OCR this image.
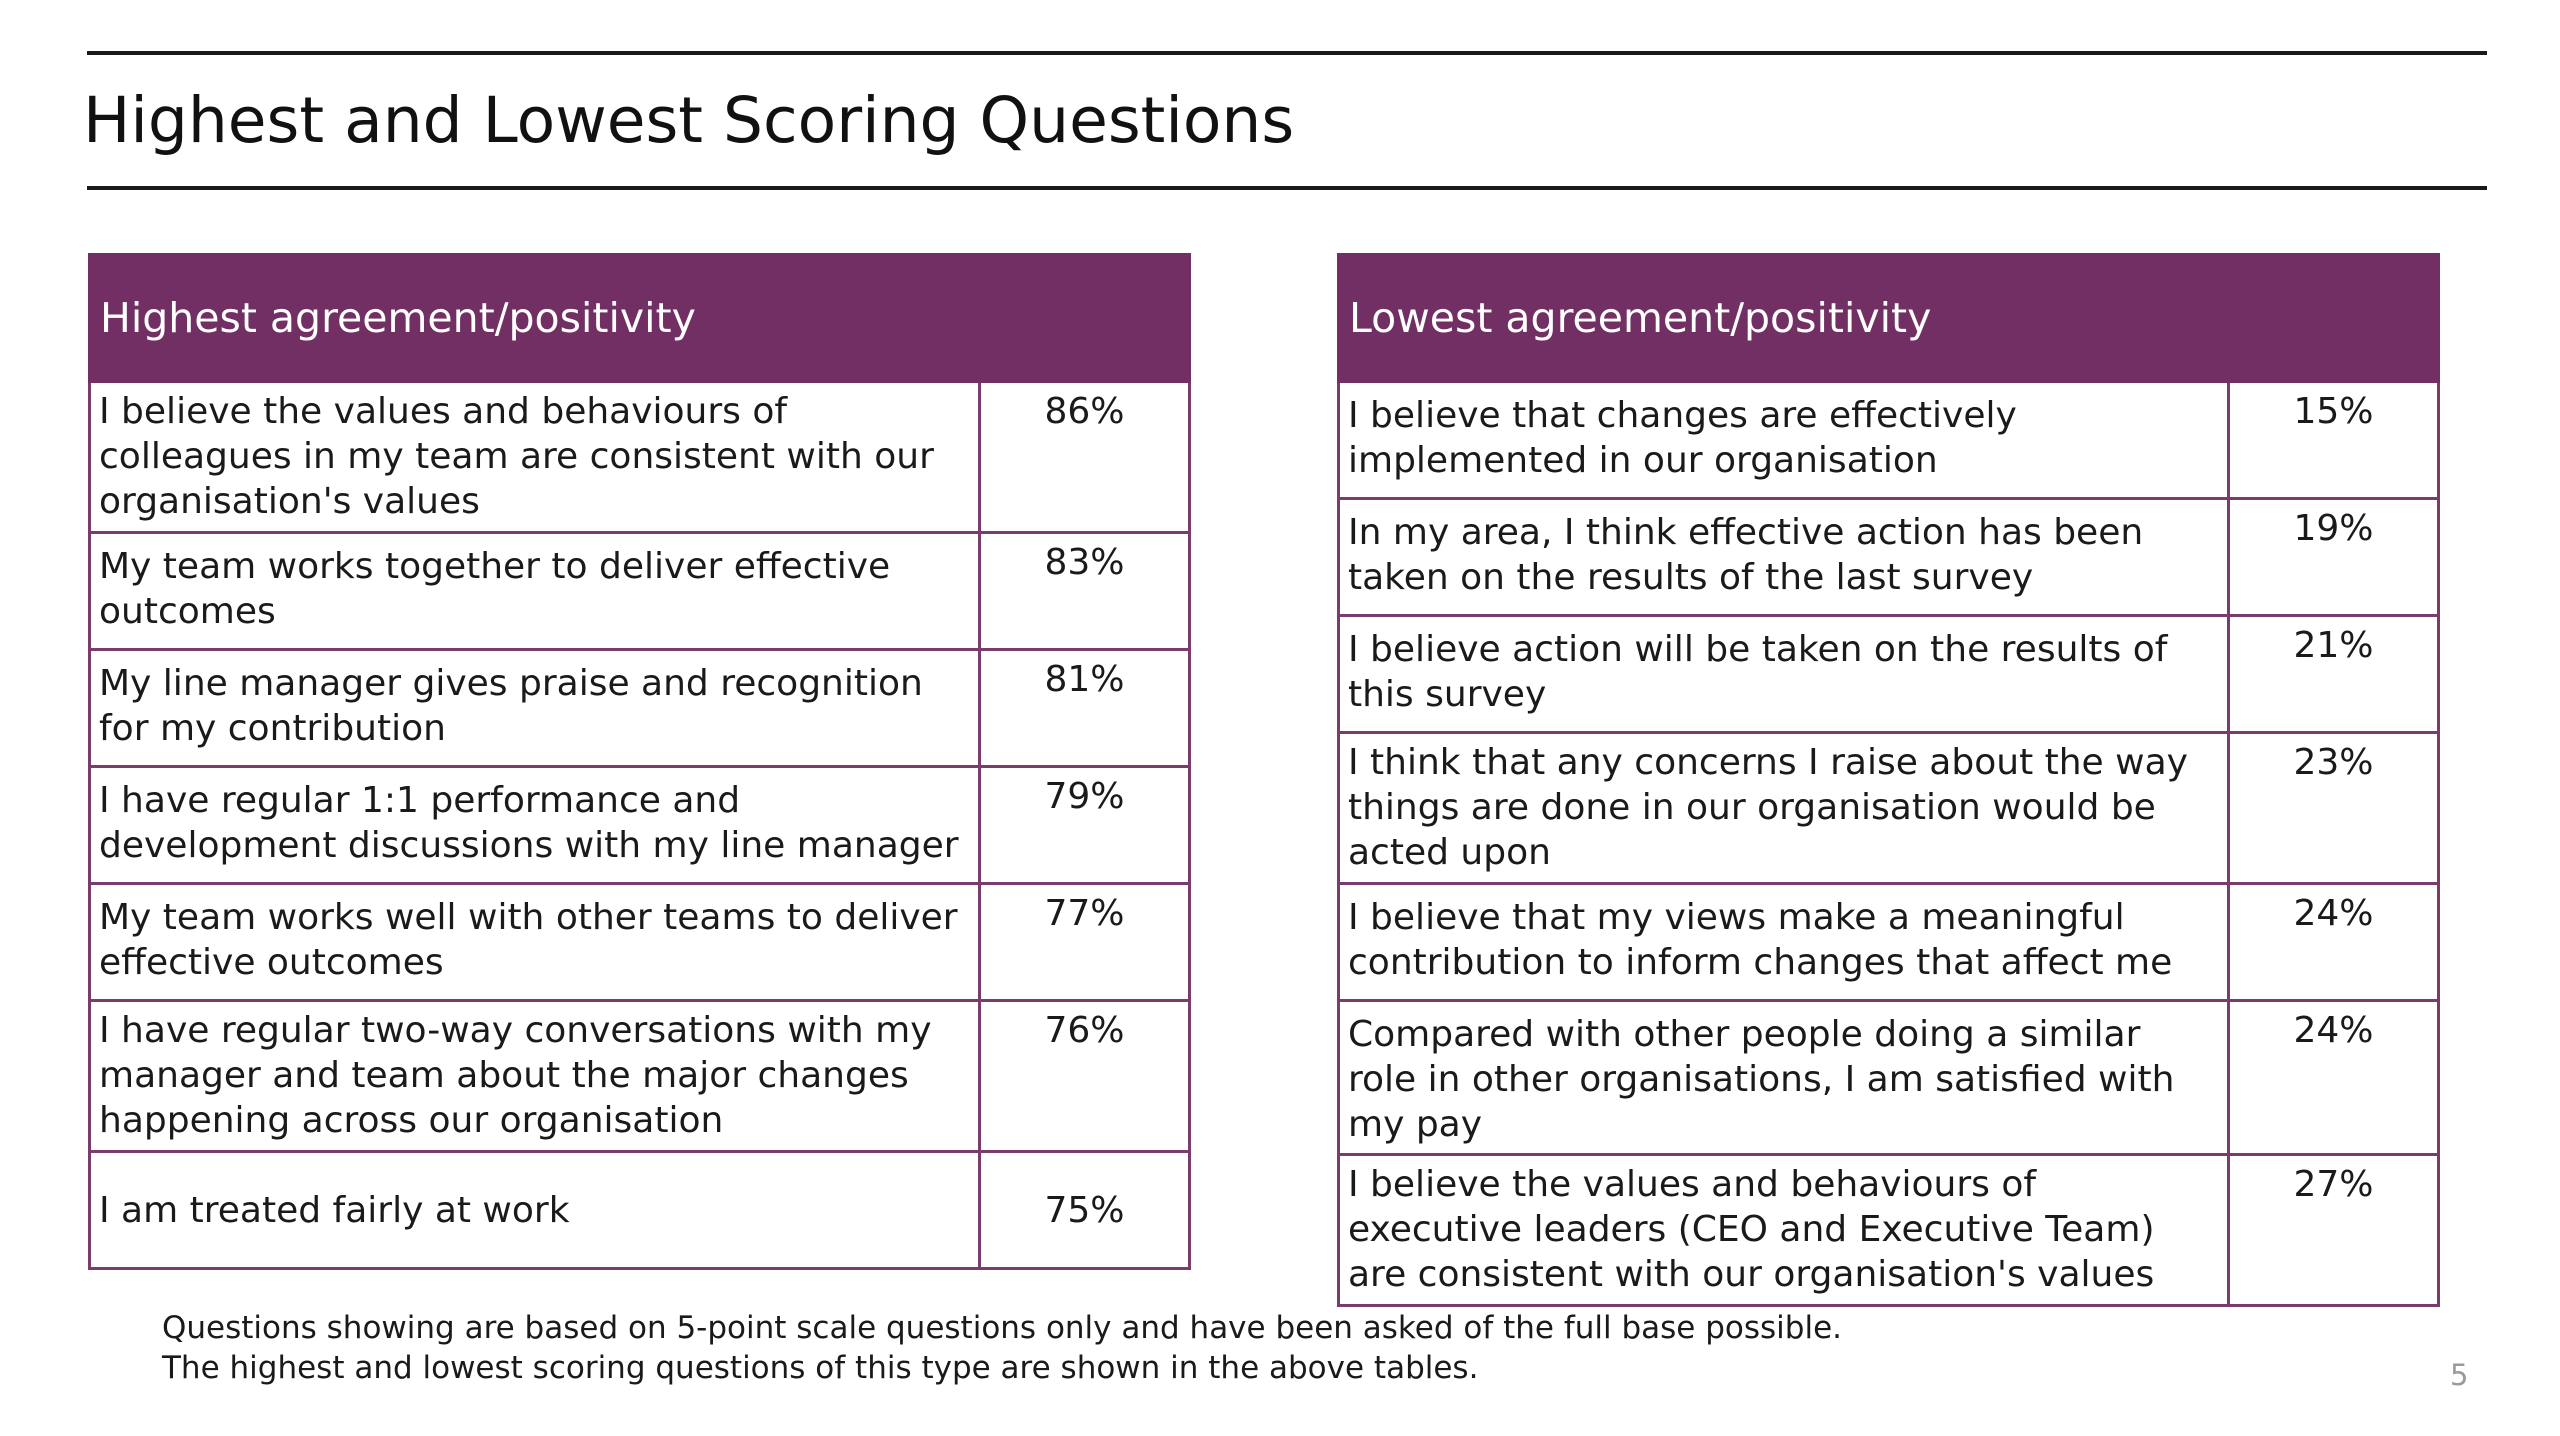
Highest and Lowest Scoring Questions
Highest agreement/positivity	
I believe the values and behaviours of colleagues in my team are consistent with our organisation's values	86%
My team works together to deliver effective outcomes	83%
My line manager gives praise and recognition for my contribution	81%
I have regular 1:1 performance and development discussions with my line manager	79%
My team works well with other teams to deliver effective outcomes	77%
I have regular two-way conversations with my manager and team about the major changes happening across our organisation	76%
I am treated fairly at work	75%
Lowest agreement/positivity	
I believe that changes are effectively implemented in our organisation	15%
In my area, I think effective action has been taken on the results of the last survey	19%
I believe action will be taken on the results of this survey	21%
I think that any concerns I raise about the way things are done in our organisation would be acted upon	23%
I believe that my views make a meaningful contribution to inform changes that affect me	24%
Compared with other people doing a similar role in other organisations, I am satisfied with my pay	24%
I believe the values and behaviours of executive leaders (CEO and Executive Team) are consistent with our organisation's values	27%
Questions showing are based on 5-point scale questions only and have been asked of the full base possible.
The highest and lowest scoring questions of this type are shown in the above tables.	5
